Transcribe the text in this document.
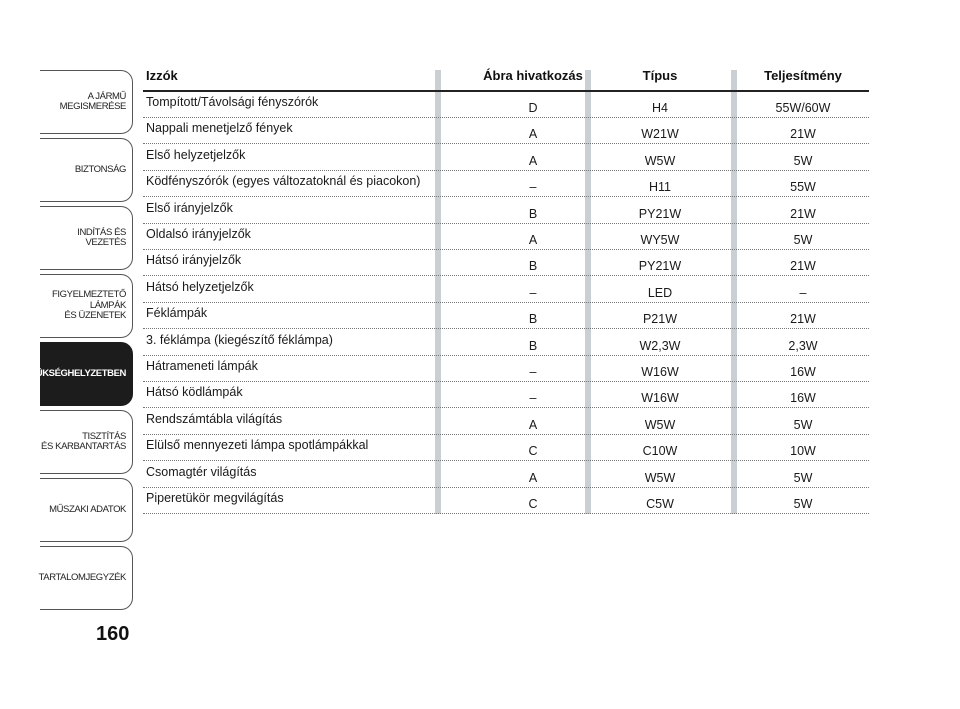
A JÁRMŰ
MEGISMERÉSE
BIZTONSÁG
INDÍTÁS ÉS VEZETÉS
FIGYELMEZTETŐ
LÁMPÁK
ÉS ÜZENETEK
SZÜKSÉGHELYZETBEN
TISZTÍTÁS
ÉS KARBANTARTÁS
MŰSZAKI ADATOK
TARTALOMJEGYZÉK
160
Izzók	Ábra hivatkozás	Típus	Teljesítmény
Tompított/Távolsági fényszórók	D	H4	55W/60W
Nappali menetjelző fények	A	W21W	21W
Első helyzetjelzők	A	W5W	5W
Ködfényszórók (egyes változatoknál és piacokon)	–	H11	55W
Első irányjelzők	B	PY21W	21W
Oldalsó irányjelzők	A	WY5W	5W
Hátsó irányjelzők	B	PY21W	21W
Hátsó helyzetjelzők	–	LED	–
Féklámpák	B	P21W	21W
3. féklámpa (kiegészítő féklámpa)	B	W2,3W	2,3W
Hátrameneti lámpák	–	W16W	16W
Hátsó ködlámpák	–	W16W	16W
Rendszámtábla világítás	A	W5W	5W
Elülső mennyezeti lámpa spotlámpákkal	C	C10W	10W
Csomagtér világítás	A	W5W	5W
Piperetükör megvilágítás	C	C5W	5W
